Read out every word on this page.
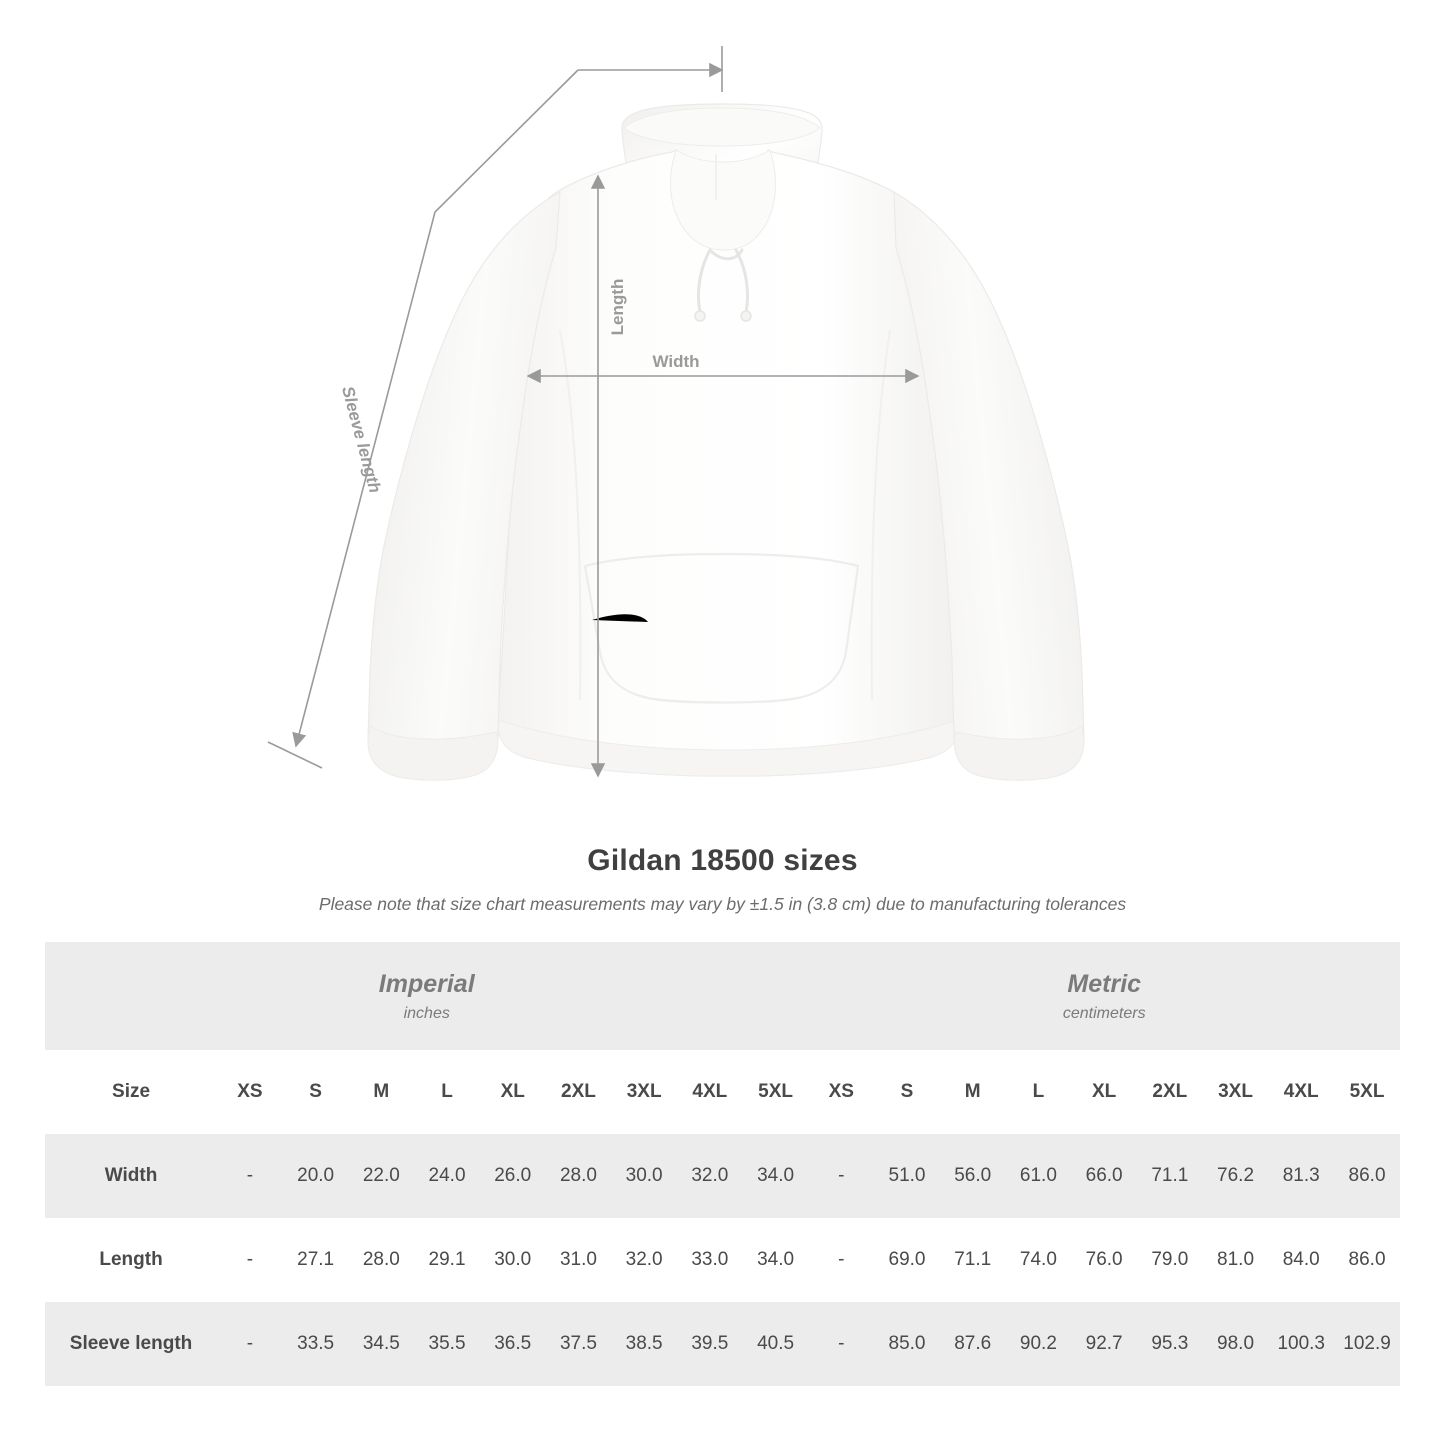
Length
Width
Sleeve length
Gildan 18500 sizes
Please note that size chart measurements may vary by ±1.5 in (3.8 cm) due to manufacturing tolerances
Imperial
inches

Metric
centimeters

Size	XS	S	M	L	XL	2XL	3XL	4XL	5XL	XS	S	M	L	XL	2XL	3XL	4XL	5XL
Width	-	20.0	22.0	24.0	26.0	28.0	30.0	32.0	34.0	-	51.0	56.0	61.0	66.0	71.1	76.2	81.3	86.0
Length	-	27.1	28.0	29.1	30.0	31.0	32.0	33.0	34.0	-	69.0	71.1	74.0	76.0	79.0	81.0	84.0	86.0
Sleeve length	-	33.5	34.5	35.5	36.5	37.5	38.5	39.5	40.5	-	85.0	87.6	90.2	92.7	95.3	98.0	100.3	102.9
